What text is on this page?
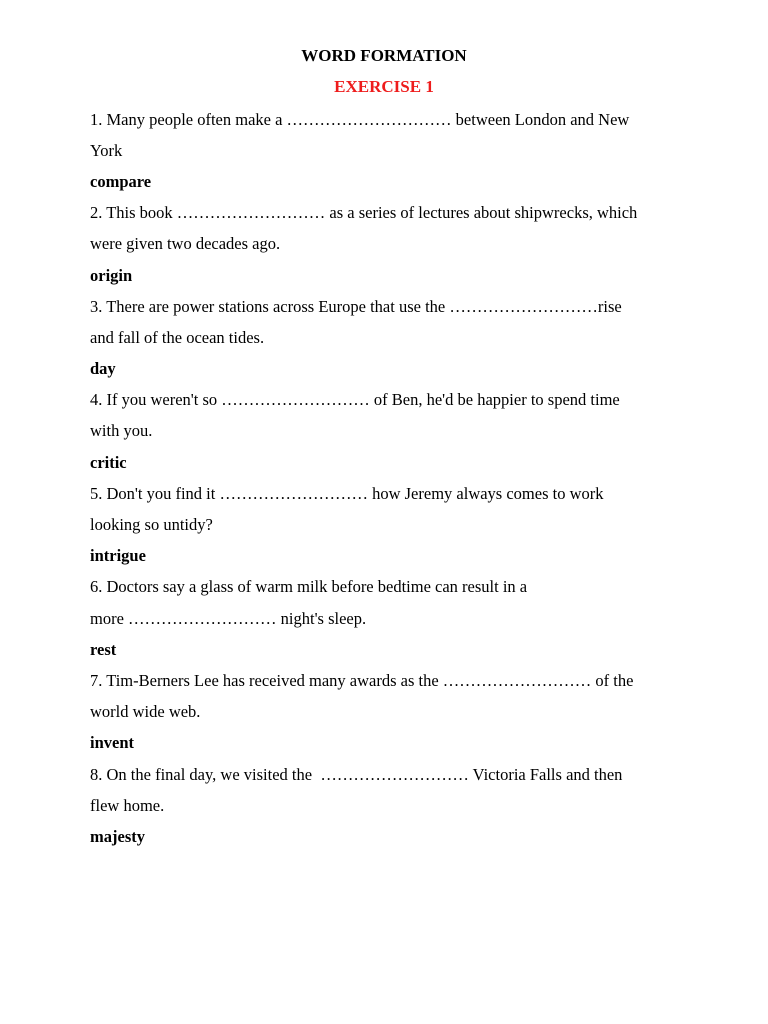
WORD FORMATION
EXERCISE 1
1. Many people often make a ………………………… between London and New
York
compare
2. This book ……………………… as a series of lectures about shipwrecks, which
were given two decades ago.
origin
3. There are power stations across Europe that use the ………………………rise
and fall of the ocean tides.
day
4. If you weren't so ……………………… of Ben, he'd be happier to spend time
with you.
critic
5. Don't you find it ……………………… how Jeremy always comes to work
looking so untidy?
intrigue
6. Doctors say a glass of warm milk before bedtime can result in a
more ……………………… night's sleep.
rest
7. Tim-Berners Lee has received many awards as the ……………………… of the
world wide web.
invent
8. On the final day, we visited the  ……………………… Victoria Falls and then
flew home.
majesty
